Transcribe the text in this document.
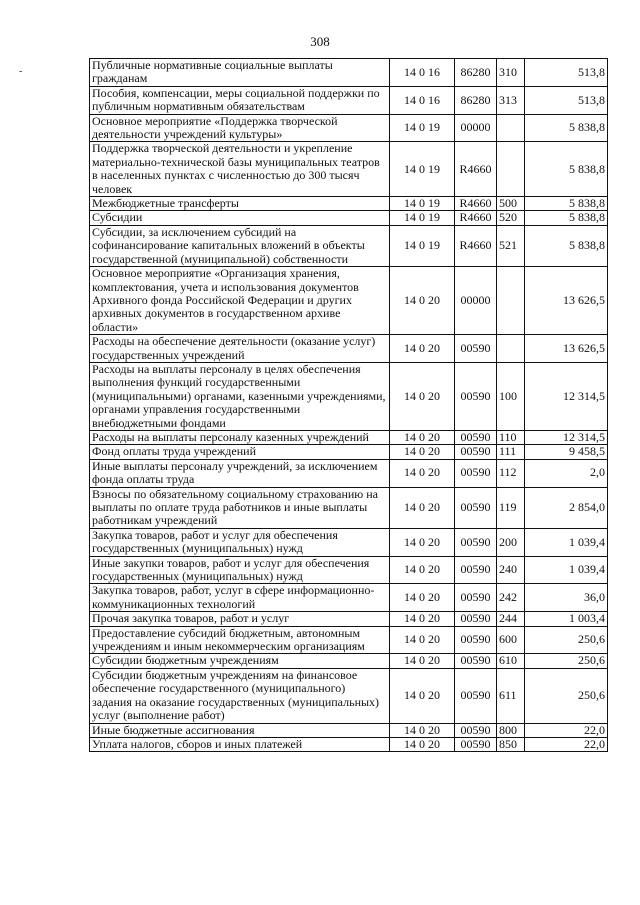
308
-	Публичные нормативные социальные выплаты гражданам	14 0 16	86280	310	513,8
Пособия, компенсации, меры социальной поддержки по публичным нормативным обязательствам	14 0 16	86280	313	513,8
Основное мероприятие «Поддержка творческой деятельности учреждений культуры»	14 0 19	00000		5 838,8
Поддержка творческой деятельности и укрепление материально-технической базы муниципальных театров в населенных пунктах с численностью до 300 тысяч человек	14 0 19	R4660		5 838,8
Межбюджетные трансферты	14 0 19	R4660	500	5 838,8
Субсидии	14 0 19	R4660	520	5 838,8
Субсидии, за исключением субсидий на софинансирование капитальных вложений в объекты государственной (муниципальной) собственности	14 0 19	R4660	521	5 838,8
Основное мероприятие «Организация хранения, комплектования, учета и использования документов Архивного фонда Российской Федерации и других архивных документов в государственном архиве области»	14 0 20	00000		13 626,5
Расходы на обеспечение деятельности (оказание услуг) государственных учреждений	14 0 20	00590		13 626,5
Расходы на выплаты персоналу в целях обеспечения выполнения функций государственными (муниципальными) органами, казенными учреждениями, органами управления государственными внебюджетными фондами	14 0 20	00590	100	12 314,5
Расходы на выплаты персоналу казенных учреждений	14 0 20	00590	110	12 314,5
Фонд оплаты труда учреждений	14 0 20	00590	111	9 458,5
Иные выплаты персоналу учреждений, за исключением фонда оплаты труда	14 0 20	00590	112	2,0
Взносы по обязательному социальному страхованию на выплаты по оплате труда работников и иные выплаты работникам учреждений	14 0 20	00590	119	2 854,0
Закупка товаров, работ и услуг для обеспечения государственных (муниципальных) нужд	14 0 20	00590	200	1 039,4
Иные закупки товаров, работ и услуг для обеспечения государственных (муниципальных) нужд	14 0 20	00590	240	1 039,4
Закупка товаров, работ, услуг в сфере информационно-коммуникационных технологий	14 0 20	00590	242	36,0
Прочая закупка товаров, работ и услуг	14 0 20	00590	244	1 003,4
Предоставление субсидий бюджетным, автономным учреждениям и иным некоммерческим организациям	14 0 20	00590	600	250,6
Субсидии бюджетным учреждениям	14 0 20	00590	610	250,6
Субсидии бюджетным учреждениям на финансовое обеспечение государственного (муниципального) задания на оказание государственных (муниципальных) услуг (выполнение работ)	14 0 20	00590	611	250,6
Иные бюджетные ассигнования	14 0 20	00590	800	22,0
Уплата налогов, сборов и иных платежей	14 0 20	00590	850	22,0
